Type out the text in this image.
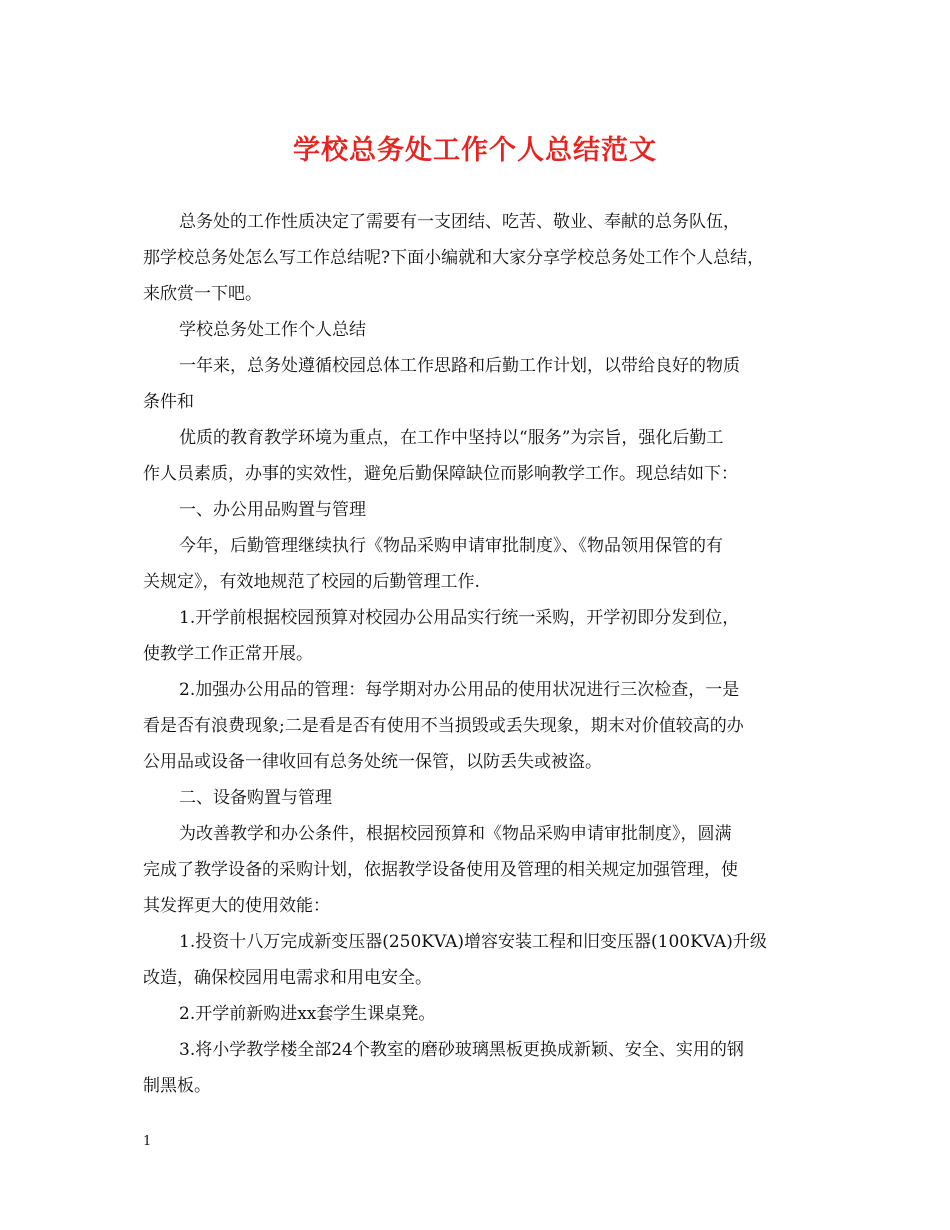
学校总务处工作个人总结范文
总务处的工作性质决定了需要有一支团结、吃苦、敬业、奉献的总务队伍，
那学校总务处怎么写工作总结呢?下面小编就和大家分享学校总务处工作个人总结，
来欣赏一下吧。
学校总务处工作个人总结
一年来，总务处遵循校园总体工作思路和后勤工作计划，以带给良好的物质
条件和
优质的教育教学环境为重点，在工作中坚持以“服务”为宗旨，强化后勤工
作人员素质，办事的实效性，避免后勤保障缺位而影响教学工作。现总结如下：
一、办公用品购置与管理
今年，后勤管理继续执行《物品采购申请审批制度》、《物品领用保管的有
关规定》，有效地规范了校园的后勤管理工作.
1.开学前根据校园预算对校园办公用品实行统一采购，开学初即分发到位，
使教学工作正常开展。
2.加强办公用品的管理：每学期对办公用品的使用状况进行三次检查，一是
看是否有浪费现象;二是看是否有使用不当损毁或丢失现象，期末对价值较高的办
公用品或设备一律收回有总务处统一保管，以防丢失或被盗。
二、设备购置与管理
为改善教学和办公条件，根据校园预算和《物品采购申请审批制度》，圆满
完成了教学设备的采购计划，依据教学设备使用及管理的相关规定加强管理，使
其发挥更大的使用效能：
1.投资十八万完成新变压器(250KVA)增容安装工程和旧变压器(100KVA)升级
改造，确保校园用电需求和用电安全。
2.开学前新购进xx套学生课桌凳。
3.将小学教学楼全部24个教室的磨砂玻璃黑板更换成新颖、安全、实用的钢
制黑板。
1
